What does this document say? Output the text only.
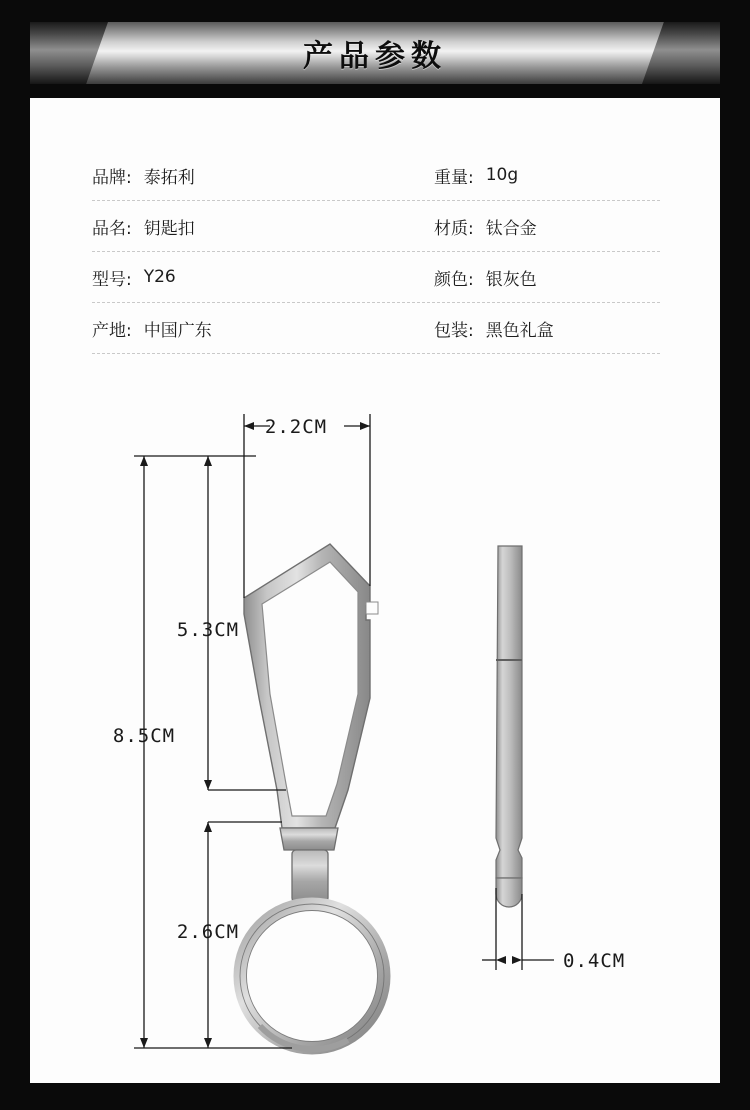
产品参数
品牌: 泰拓利	重量: 10g
品名: 钥匙扣	材质: 钛合金
型号: Y26	颜色: 银灰色
产地: 中国广东	包装: 黑色礼盒
2.2CM
5.3CM
8.5CM
2.6CM
0.4CM
